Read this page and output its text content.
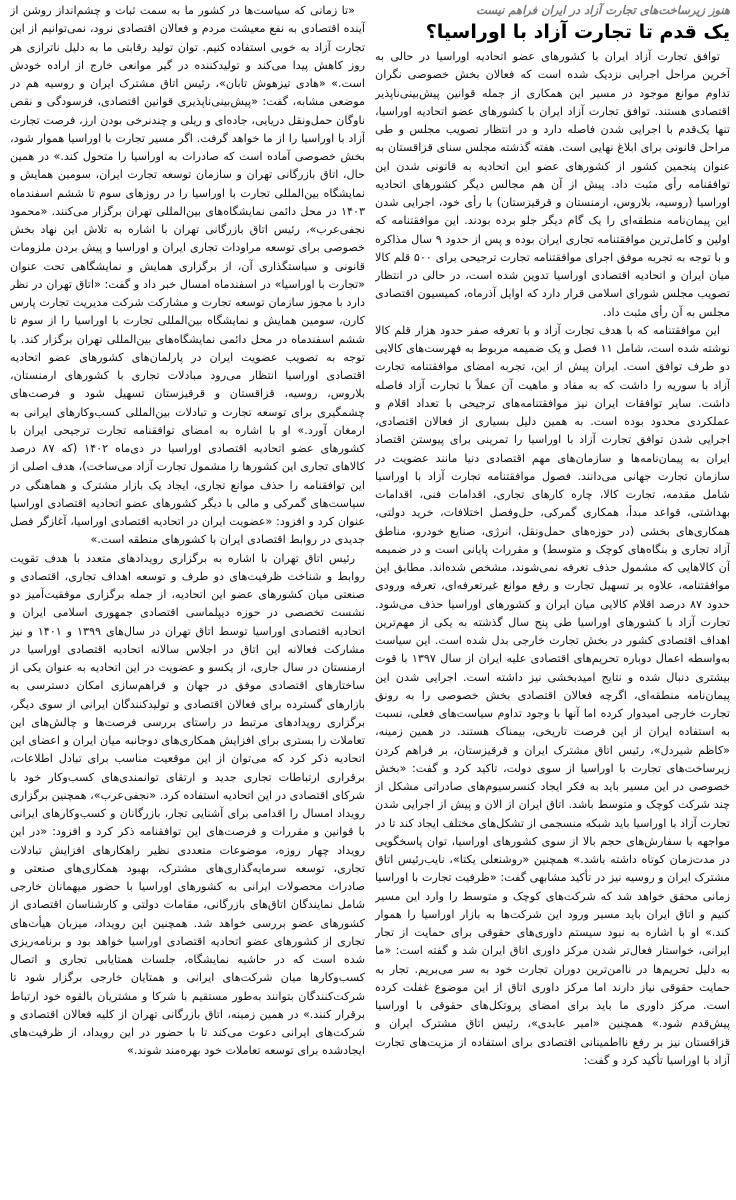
هنوز زیرساخت‌های تجارت آزاد در ایران فراهم نیست
یک قدم تا تجارت آزاد با اوراسیا؟

توافق تجارت آزاد ایران با کشورهای عضو اتحادیه اوراسیا در حالی به آخرین مراحل اجرایی نزدیک شده است که فعالان بخش خصوصی نگران تداوم موانع موجود در مسیر این همکاری از جمله قوانین پیش‌بینی‌ناپذیر اقتصادی هستند. توافق تجارت آزاد ایران با کشورهای عضو اتحادیه اوراسیا، تنها یک‌قدم با اجرایی شدن فاصله دارد و در انتظار تصویب مجلس و طی مراحل قانونی برای ابلاغ نهایی است. هفته گذشته مجلس سنای قزاقستان به عنوان پنجمین کشور از کشورهای عضو این اتحادیه به قانونی شدن این توافقنامه رأی مثبت داد. پیش از آن هم مجالس دیگر کشورهای اتحادیه اوراسیا (روسیه، بلاروس، ارمنستان و قرقیزستان) با رأی خود، اجرایی شدن این پیمان‌نامه منطقه‌ای را یک گام دیگر جلو برده بودند. این موافقتنامه که اولین و کامل‌ترین موافقتنامه تجاری ایران بوده و پس از حدود ۹ سال مذاکره و با توجه به تجربه موفق اجرای موافقتنامه تجارت ترجیحی برای ۵۰۰ قلم کالا میان ایران و اتحادیه اقتصادی اوراسیا تدوین شده است، در حالی در انتظار تصویب مجلس شورای اسلامی قرار دارد که اوایل آذرماه، کمیسیون اقتصادی مجلس به آن رأی مثبت داد.

این موافقتنامه که با هدف تجارت آزاد و با تعرفه صفر حدود هزار قلم کالا نوشته شده است، شامل ۱۱ فصل و یک ضمیمه مربوط به فهرست‌های کالایی دو طرف توافق است. ایران پیش از این، تجربه امضای موافقتنامه تجارت آزاد با سوریه را داشت که به مفاد و ماهیت آن عملاً با تجارت آزاد فاصله داشت. سایر توافقات ایران نیز موافقتنامه‌های ترجیحی با تعداد اقلام و عملکردی محدود بوده است. به همین دلیل بسیاری از فعالان اقتصادی، اجرایی شدن توافق تجارت آزاد با اوراسیا را تمرینی برای پیوستن اقتصاد ایران به پیمان‌نامه‌ها و سازمان‌های مهم اقتصادی دنیا مانند عضویت در سازمان تجارت جهانی می‌دانند. فصول موافقتنامه تجارت آزاد با اوراسیا شامل مقدمه، تجارت کالا، چاره کارهای تجاری، اقدامات فنی، اقدامات بهداشتی، قواعد مبدأ، همکاری گمرکی، حل‌وفصل اختلافات، خرید دولتی، همکاری‌های بخشی (در حوزه‌های حمل‌ونقل، انرژی، صنایع خودرو، مناطق آزاد تجاری و بنگاه‌های کوچک و متوسط) و مقررات پایانی است و در ضمیمه آن کالاهایی که مشمول حذف تعرفه نمی‌شوند، مشخص شده‌اند. مطابق این موافقتنامه، علاوه بر تسهیل تجارت و رفع موانع غیرتعرفه‌ای، تعرفه ورودی حدود ۸۷ درصد اقلام کالایی میان ایران و کشورهای اوراسیا حذف می‌شود. تجارت آزاد با کشورهای اوراسیا طی پنج سال گذشته به یکی از مهم‌ترین اهداف اقتصادی کشور در بخش تجارت خارجی بدل شده است. این سیاست به‌واسطه اعمال دوباره تحریم‌های اقتصادی علیه ایران از سال ۱۳۹۷ با قوت بیشتری دنبال شده و نتایج امیدبخشی نیز داشته است. اجرایی شدن این پیمان‌نامه منطقه‌ای، اگرچه فعالان اقتصادی بخش خصوصی را به رونق تجارت خارجی امیدوار کرده اما آنها با وجود تداوم سیاست‌های فعلی، نسبت به استفاده ایران از این فرصت تاریخی، بیمناک هستند. در همین زمینه، «کاظم شیردل»، رئیس اتاق مشترک ایران و قرقیزستان، بر فراهم کردن زیرساخت‌های تجارت با اوراسیا از سوی دولت، تاکید کرد و گفت: «بخش خصوصی در این مسیر باید به فکر ایجاد کنسرسیوم‌های صادراتی مشکل از چند شرکت کوچک و متوسط باشد. اتاق ایران از الان و پیش از اجرایی شدن تجارت آزاد با اوراسیا باید شبکه منسجمی از تشکل‌های مختلف ایجاد کند تا در مواجهه با سفارش‌های حجم بالا از سوی کشورهای اوراسیا، توان پاسخگویی در مدت‌زمان کوتاه داشته باشد.» همچنین «روشنعلی یکتا»، نایب‌رئیس اتاق مشترک ایران و روسیه نیز در تأکید مشابهی گفت: «ظرفیت تجارت با اوراسیا زمانی محقق خواهد شد که شرکت‌های کوچک و متوسط را وارد این مسیر کنیم و اتاق ایران باید مسیر ورود این شرکت‌ها به بازار اوراسیا را هموار کند.» او با اشاره به نبود سیستم داوری‌های حقوقی برای حمایت از تجار ایرانی، خواستار فعال‌تر شدن مرکز داوری اتاق ایران شد و گفته است: «ما به دلیل تحریم‌ها در ناامن‌ترین دوران تجارت خود به سر می‌بریم. تجار به حمایت حقوقی نیاز دارند اما مرکز داوری اتاق از این موضوع غفلت کرده است. مرکز داوری ما باید برای امضای پروتکل‌های حقوقی با اوراسیا پیش‌قدم شود.» همچنین «امیر عابدی»، رئیس اتاق مشترک ایران و قزاقستان نیز بر رفع نااطمینانی اقتصادی برای استفاده از مزیت‌های تجارت آزاد با اوراسیا تأکید کرد و گفت:

«تا زمانی که سیاست‌ها در کشور ما به سمت ثبات و چشم‌انداز روشن از آینده اقتصادی به نفع معیشت مردم و فعالان اقتصادی نرود، نمی‌توانیم از این تجارت آزاد به خوبی استفاده کنیم. توان تولید رقابتی ما به دلیل ناترازی هر روز کاهش پیدا می‌کند و تولیدکننده در گیر موانعی خارج از اراده خودش است.» «هادی تیزهوش تابان»، رئیس اتاق مشترک ایران و روسیه هم در موضعی مشابه، گفت: «پیش‌بینی‌ناپذیری قوانین اقتصادی، فرسودگی و نقص ناوگان حمل‌ونقل دریایی، جاده‌ای و ریلی و چندنرخی بودن ارز، فرصت تجارت آزاد با اوراسیا را از ما خواهد گرفت. اگر مسیر تجارت با اوراسیا هموار شود، بخش خصوصی آماده است که صادرات به اوراسیا را متحول کند.» در همین حال، اتاق بازرگانی تهران و سازمان توسعه تجارت ایران، سومین همایش و نمایشگاه بین‌المللی تجارت با اوراسیا را در روزهای سوم تا ششم اسفندماه ۱۴۰۳ در محل دائمی نمایشگاه‌های بین‌المللی تهران برگزار می‌کنند. «محمود نجفی‌عرب»، رئیس اتاق بازرگانی تهران با اشاره به تلاش این نهاد بخش خصوصی برای توسعه مراودات تجاری ایران و اوراسیا و پیش بردن ملزومات قانونی و سیاستگذاری آن، از برگزاری همایش و نمایشگاهی تحت عنوان «تجارت با اوراسیا» در اسفندماه امسال خبر داد و گفت: «اتاق تهران در نظر دارد با مجوز سازمان توسعه تجارت و مشارکت شرکت مدیریت تجارت پارس کارن، سومین همایش و نمایشگاه بین‌المللی تجارت با اوراسیا را از سوم تا ششم اسفندماه در محل دائمی نمایشگاه‌های بین‌المللی تهران برگزار کند. با توجه به تصویب عضویت ایران در پارلمان‌های کشورهای عضو اتحادیه اقتصادی اوراسیا انتظار می‌رود مبادلات تجاری با کشورهای ارمنستان، بلاروس، روسیه، قزاقستان و قرقیزستان تسهیل شود و فرصت‌های چشمگیری برای توسعه تجارت و تبادلات بین‌المللی کسب‌وکارهای ایرانی به ارمغان آورد.» او با اشاره به امضای توافقنامه تجارت ترجیحی ایران با کشورهای عضو اتحادیه اقتصادی اوراسیا در دی‌ماه ۱۴۰۲ (که ۸۷ درصد کالاهای تجاری این کشورها را مشمول تجارت آزاد می‌ساخت)، هدف اصلی از این توافقنامه را حذف موانع تجاری، ایجاد یک بازار مشترک و هماهنگی در سیاست‌های گمرکی و مالی با دیگر کشورهای عضو اتحادیه اقتصادی اوراسیا عنوان کرد و افزود: «عضویت ایران در اتحادیه اقتصادی اوراسیا، آغازگر فصل جدیدی در روابط اقتصادی ایران با کشورهای منطقه است.»

رئیس اتاق تهران با اشاره به برگزاری رویدادهای متعدد با هدف تقویت روابط و شناخت ظرفیت‌های دو طرف و توسعه اهداف تجاری، اقتصادی و صنعتی میان کشورهای عضو این اتحادیه، از جمله برگزاری موفقیت‌آمیز دو نشست تخصصی در حوزه دیپلماسی اقتصادی جمهوری اسلامی ایران و اتحادیه اقتصادی اوراسیا توسط اتاق تهران در سال‌های ۱۳۹۹ و ۱۴۰۱ و نیز مشارکت فعالانه این اتاق در اجلاس سالانه اتحادیه اقتصادی اوراسیا در ارمنستان در سال جاری، از یکسو و عضویت در این اتحادیه به عنوان یکی از ساختارهای اقتصادی موفق در جهان و فراهم‌سازی امکان دسترسی به بازارهای گسترده برای فعالان اقتصادی و تولیدکنندگان ایرانی از سوی دیگر، برگزاری رویدادهای مرتبط در راستای بررسی فرصت‌ها و چالش‌های این تعاملات را بستری برای افزایش همکاری‌های دوجانبه میان ایران و اعضای این اتحادیه ذکر کرد که می‌توان از این موقعیت مناسب برای تبادل اطلاعات، برقراری ارتباطات تجاری جدید و ارتقای توانمندی‌های کسب‌وکار خود با شرکای اقتصادی در این اتحادیه استفاده کرد. «نجفی‌عرب»، همچنین برگزاری رویداد امسال را اقدامی برای آشنایی تجار، بازرگانان و کسب‌وکارهای ایرانی با قوانین و مقررات و فرصت‌های این توافقنامه ذکر کرد و افزود: «در این رویداد چهار روزه، موضوعات متعددی نظیر راهکارهای افزایش تبادلات تجاری، توسعه سرمایه‌گذاری‌های مشترک، بهبود همکاری‌های صنعتی و صادرات محصولات ایرانی به کشورهای اوراسیا با حضور میهمانان خارجی شامل نمایندگان اتاق‌های بازرگانی، مقامات دولتی و کارشناسان اقتصادی از کشورهای عضو بررسی خواهد شد. همچنین این رویداد، میزبان هیأت‌های تجاری از کشورهای عضو اتحادیه اقتصادی اوراسیا خواهد بود و برنامه‌ریزی شده است که در حاشیه نمایشگاه، جلسات همتایابی تجاری و اتصال کسب‌وکارها میان شرکت‌های ایرانی و همتایان خارجی برگزار شود تا شرکت‌کنندگان بتوانند به‌طور مستقیم با شرکا و مشتریان بالقوه خود ارتباط برقرار کنند.» در همین زمینه، اتاق بازرگانی تهران از کلیه فعالان اقتصادی و شرکت‌های ایرانی دعوت می‌کند تا با حضور در این رویداد، از ظرفیت‌های ایجادشده برای توسعه تعاملات خود بهره‌مند شوند.»
